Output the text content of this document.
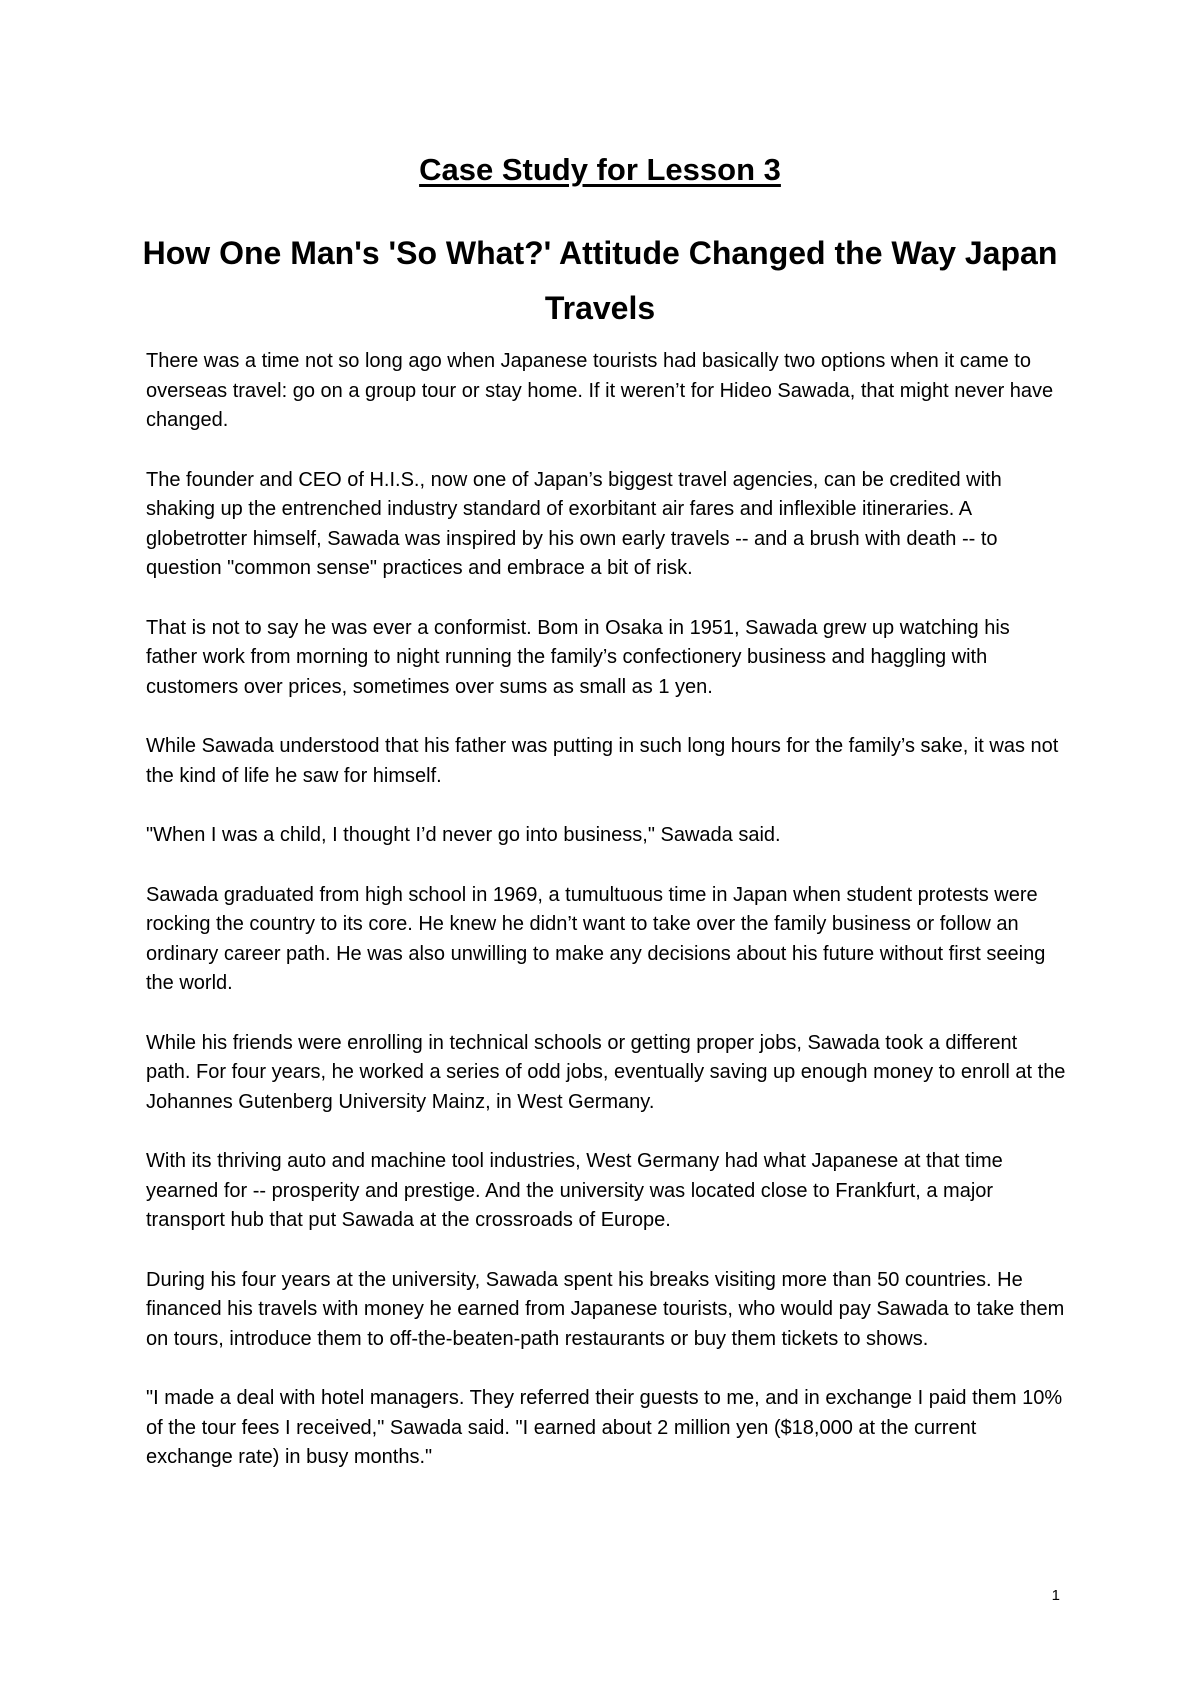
Case Study for Lesson 3
How One Man's 'So What?' Attitude Changed the Way Japan Travels

There was a time not so long ago when Japanese tourists had basically two options when it came to overseas travel: go on a group tour or stay home. If it weren’t for Hideo Sawada, that might never have changed.

The founder and CEO of H.I.S., now one of Japan’s biggest travel agencies, can be credited with shaking up the entrenched industry standard of exorbitant air fares and inflexible itineraries. A globetrotter himself, Sawada was inspired by his own early travels -- and a brush with death -- to question "common sense" practices and embrace a bit of risk.

That is not to say he was ever a conformist. Bom in Osaka in 1951, Sawada grew up watching his father work from morning to night running the family’s confectionery business and haggling with customers over prices, sometimes over sums as small as 1 yen.

While Sawada understood that his father was putting in such long hours for the family’s sake, it was not the kind of life he saw for himself.

"When I was a child, I thought I’d never go into business," Sawada said.

Sawada graduated from high school in 1969, a tumultuous time in Japan when student protests were rocking the country to its core. He knew he didn’t want to take over the family business or follow an ordinary career path. He was also unwilling to make any decisions about his future without first seeing the world.

While his friends were enrolling in technical schools or getting proper jobs, Sawada took a different path. For four years, he worked a series of odd jobs, eventually saving up enough money to enroll at the Johannes Gutenberg University Mainz, in West Germany.

With its thriving auto and machine tool industries, West Germany had what Japanese at that time yearned for -- prosperity and prestige. And the university was located close to Frankfurt, a major transport hub that put Sawada at the crossroads of Europe.

During his four years at the university, Sawada spent his breaks visiting more than 50 countries. He financed his travels with money he earned from Japanese tourists, who would pay Sawada to take them on tours, introduce them to off-the-beaten-path restaurants or buy them tickets to shows.

"I made a deal with hotel managers. They referred their guests to me, and in exchange I paid them 10% of the tour fees I received," Sawada said. "I earned about 2 million yen ($18,000 at the current exchange rate) in busy months."

1
